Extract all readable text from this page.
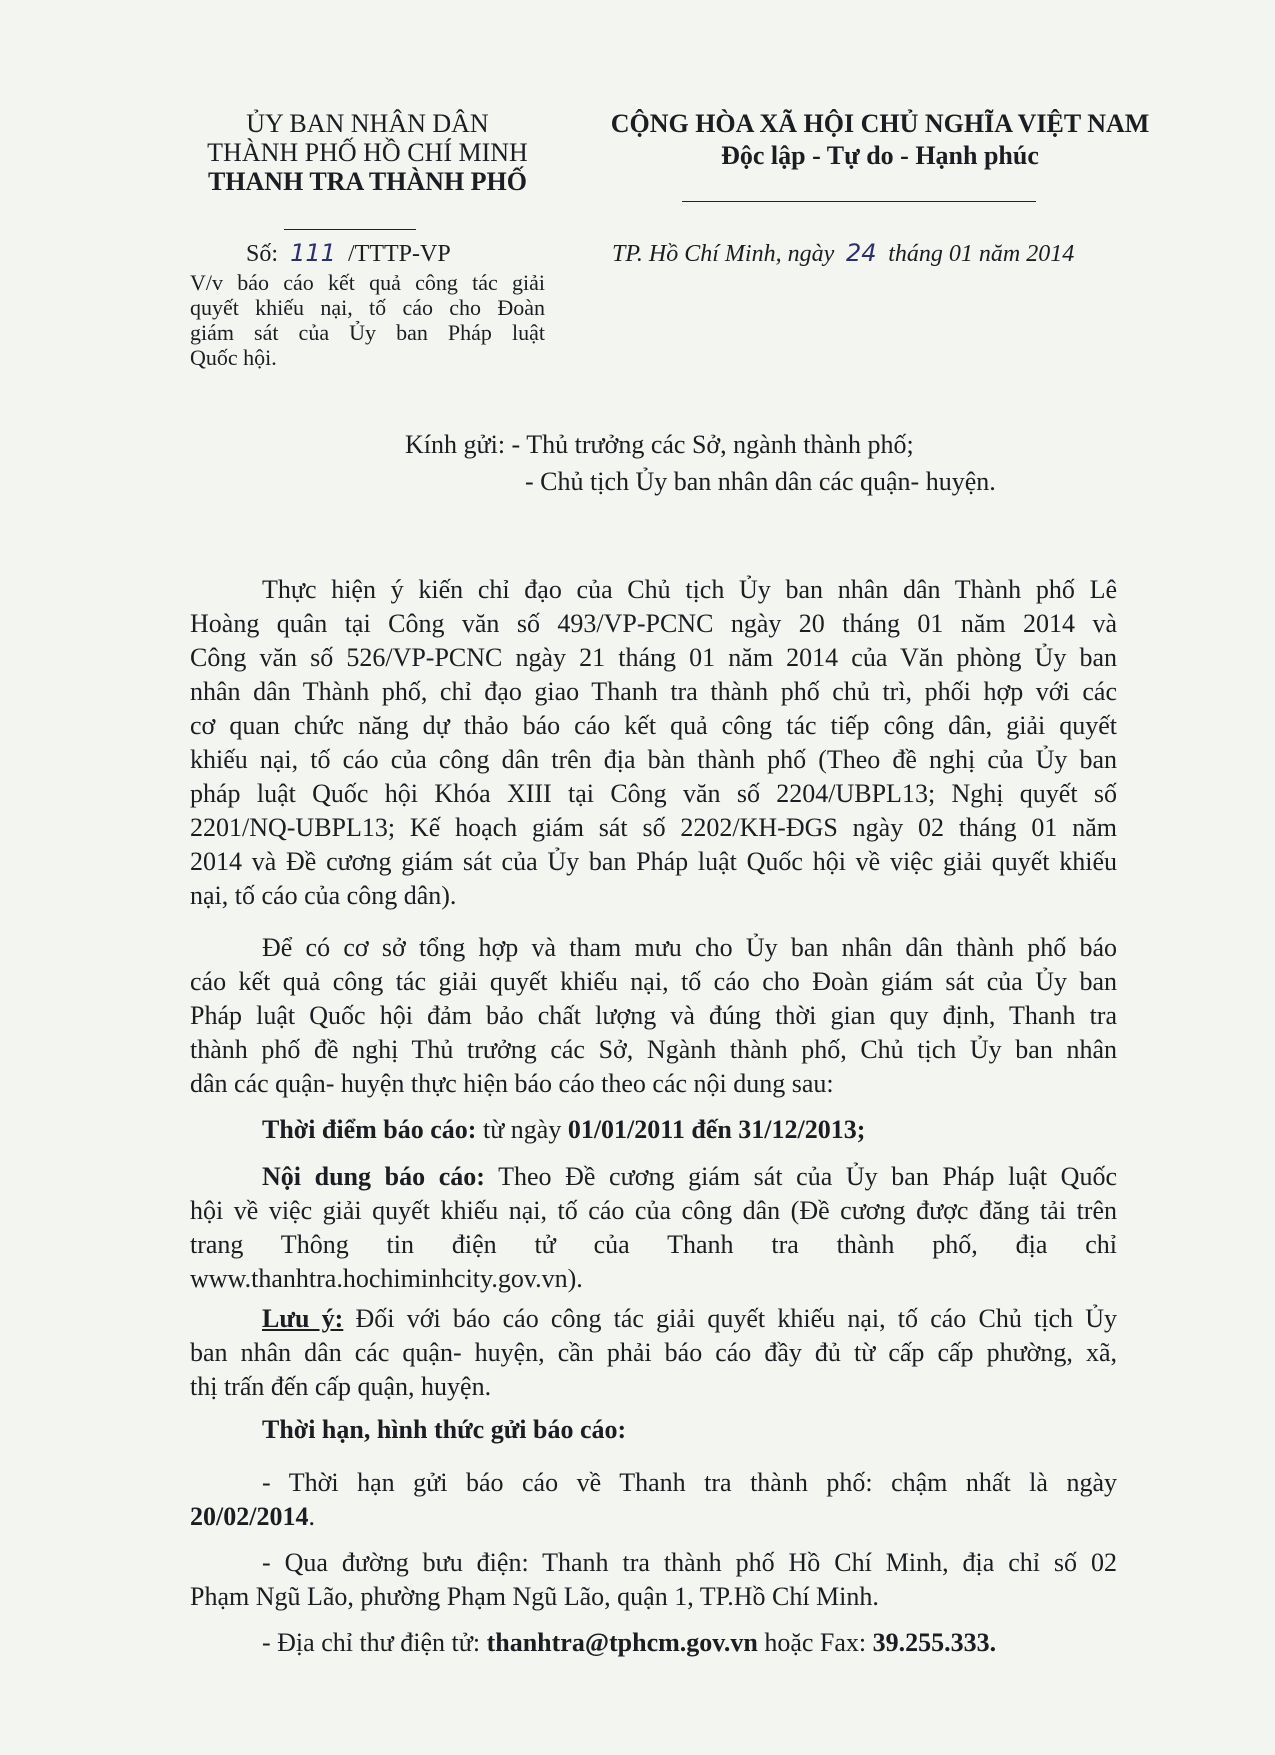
ỦY BAN NHÂN DÂN
THÀNH PHỐ HỒ CHÍ MINH
THANH TRA THÀNH PHỐ
CỘNG HÒA XÃ HỘI CHỦ NGHĨA VIỆT NAM
Độc lập - Tự do - Hạnh phúc
Số: 111 /TTTP-VP	TP. Hồ Chí Minh, ngày 24 tháng 01 năm 2014
V/v báo cáo kết quả công tác giải
quyết khiếu nại, tố cáo cho Đoàn
giám sát của Ủy ban Pháp luật
Quốc hội.
Kính gửi: - Thủ trưởng các Sở, ngành thành phố;
- Chủ tịch Ủy ban nhân dân các quận- huyện.
Thực hiện ý kiến chỉ đạo của Chủ tịch Ủy ban nhân dân Thành phố Lê
Hoàng quân tại Công văn số 493/VP-PCNC ngày 20 tháng 01 năm 2014 và
Công văn số 526/VP-PCNC ngày 21 tháng 01 năm 2014 của Văn phòng Ủy ban
nhân dân Thành phố, chỉ đạo giao Thanh tra thành phố chủ trì, phối hợp với các
cơ quan chức năng dự thảo báo cáo kết quả công tác tiếp công dân, giải quyết
khiếu nại, tố cáo của công dân trên địa bàn thành phố (Theo đề nghị của Ủy ban
pháp luật Quốc hội Khóa XIII tại Công văn số 2204/UBPL13; Nghị quyết số
2201/NQ-UBPL13; Kế hoạch giám sát số 2202/KH-ĐGS ngày 02 tháng 01 năm
2014 và Đề cương giám sát của Ủy ban Pháp luật Quốc hội về việc giải quyết khiếu
nại, tố cáo của công dân).
Để có cơ sở tổng hợp và tham mưu cho Ủy ban nhân dân thành phố báo
cáo kết quả công tác giải quyết khiếu nại, tố cáo cho Đoàn giám sát của Ủy ban
Pháp luật Quốc hội đảm bảo chất lượng và đúng thời gian quy định, Thanh tra
thành phố đề nghị Thủ trưởng các Sở, Ngành thành phố, Chủ tịch Ủy ban nhân
dân các quận- huyện thực hiện báo cáo theo các nội dung sau:
Thời điểm báo cáo: từ ngày 01/01/2011 đến 31/12/2013;
Nội dung báo cáo: Theo Đề cương giám sát của Ủy ban Pháp luật Quốc
hội về việc giải quyết khiếu nại, tố cáo của công dân (Đề cương được đăng tải trên
trang Thông tin điện tử của Thanh tra thành phố, địa chỉ
www.thanhtra.hochiminhcity.gov.vn).
Lưu ý: Đối với báo cáo công tác giải quyết khiếu nại, tố cáo Chủ tịch Ủy
ban nhân dân các quận- huyện, cần phải báo cáo đầy đủ từ cấp cấp phường, xã,
thị trấn đến cấp quận, huyện.
Thời hạn, hình thức gửi báo cáo:
- Thời hạn gửi báo cáo về Thanh tra thành phố: chậm nhất là ngày
20/02/2014.
- Qua đường bưu điện: Thanh tra thành phố Hồ Chí Minh, địa chỉ số 02
Phạm Ngũ Lão, phường Phạm Ngũ Lão, quận 1, TP.Hồ Chí Minh.
- Địa chỉ thư điện tử: thanhtra@tphcm.gov.vn hoặc Fax: 39.255.333.
